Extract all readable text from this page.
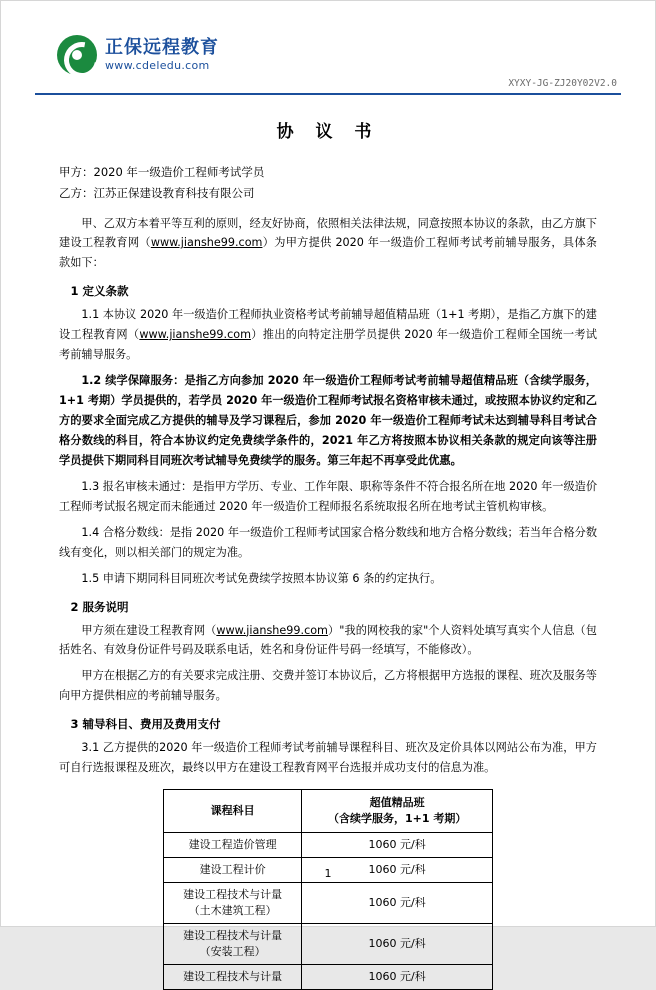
正保远程教育
www.cdeledu.com
XYXY-JG-ZJ20Y02V2.0
协 议 书
甲方：2020 年一级造价工程师考试学员
乙方：江苏正保建设教育科技有限公司

甲、乙双方本着平等互利的原则，经友好协商，依照相关法律法规，同意按照本协议的条款，由乙方旗下建设工程教育网（www.jianshe99.com）为甲方提供 2020 年一级造价工程师考试考前辅导服务，具体条款如下：

1 定义条款

1.1 本协议 2020 年一级造价工程师执业资格考试考前辅导超值精品班（1+1 考期），是指乙方旗下的建设工程教育网（www.jianshe99.com）推出的向特定注册学员提供 2020 年一级造价工程师全国统一考试考前辅导服务。

1.2 续学保障服务：是指乙方向参加 2020 年一级造价工程师考试考前辅导超值精品班（含续学服务，1+1 考期）学员提供的，若学员 2020 年一级造价工程师考试报名资格审核未通过，或按照本协议约定和乙方的要求全面完成乙方提供的辅导及学习课程后，参加 2020 年一级造价工程师考试未达到辅导科目考试合格分数线的科目，符合本协议约定免费续学条件的，2021 年乙方将按照本协议相关条款的规定向该等注册学员提供下期同科目同班次考试辅导免费续学的服务。第三年起不再享受此优惠。

1.3 报名审核未通过：是指甲方学历、专业、工作年限、职称等条件不符合报名所在地 2020 年一级造价工程师考试报名规定而未能通过 2020 年一级造价工程师报名系统取报名所在地考试主管机构审核。

1.4 合格分数线：是指 2020 年一级造价工程师考试国家合格分数线和地方合格分数线；若当年合格分数线有变化，则以相关部门的规定为准。

1.5 申请下期同科目同班次考试免费续学按照本协议第 6 条的约定执行。

2 服务说明

甲方须在建设工程教育网（www.jianshe99.com）"我的网校我的家"个人资料处填写真实个人信息（包括姓名、有效身份证件号码及联系电话，姓名和身份证件号码一经填写，不能修改）。

甲方在根据乙方的有关要求完成注册、交费并签订本协议后，乙方将根据甲方选报的课程、班次及服务等向甲方提供相应的考前辅导服务。

3 辅导科目、费用及费用支付

3.1 乙方提供的2020 年一级造价工程师考试考前辅导课程科目、班次及定价具体以网站公布为准，甲方可自行选报课程及班次，最终以甲方在建设工程教育网平台选报并成功支付的信息为准。

课程科目	超值精品班
（含续学服务，1+1 考期）

建设工程造价管理	1060 元/科
建设工程计价	1060 元/科

建设工程技术与计量
（土木建筑工程）	1060 元/科

建设工程技术与计量
（安装工程）	1060 元/科
建设工程技术与计量	1060 元/科
1
